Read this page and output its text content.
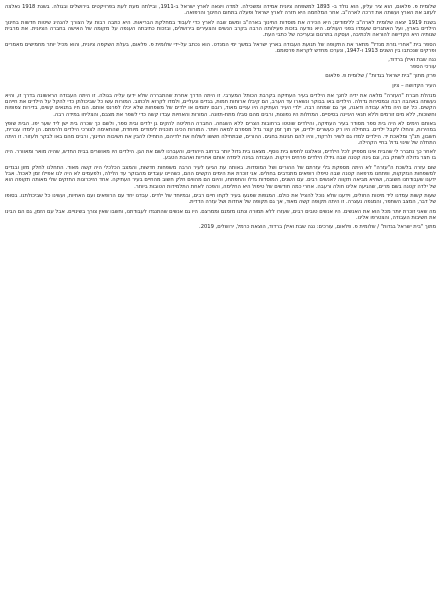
שלומית פ. פלאום, הוא ציר עליון, הוא נולד ב- 1893 למשפחה ציונית אמידה ומשכילה. למדה ויצאה לארץ ישראל ב-1911, ובילתה מעת לעת בפרויקטים בירושלים ובגולה. בשנת 1918 נאלצה לעזוב את הארץ ועשתה את דרכה לארה"ב. אחר המלחמה היא חזרה לארץ ישראל ופעלה בתחום החינוך והרפואה.

בשנת 1919 יצאה שלומית לארה"ב ללימודים; היא הכירה את מוסדות החינוך בארה"ב ומשם שבה לארץ כדי לעבוד במחלקת הבריאות. היא כתבה רבות על הצורך להנהיג שיטות חדשות בחינוך הילדים בארץ, ועל האתגרים שעמדו בפני העולים. היא נודעה בזכות פעילותה הרבה בקרב הנשים והצעירים בירושלים, ובזכות כתיבתה הענפה על מקומה של האישה בחברה הציונית. את מרבית שנותיה היא הקדישה להוראה ולכתיבה, ועסקה בתרגום ובעריכה של כתבי העת.

הספר בית "אחרי גזרת מנדל" מתאר את התקופה של תנועת העבודה בארץ ישראל במשך ימי המנדט. הוא נכתב על-ידי שלומית פ. פלאום, בעלת השקפה ציונית, והוא מכיל יותר מחמישים מאמרים ופרקים שנכתבו בין השנים 1913 ו-1947, ונערכו מחדש לקראת פרסומם.

נגה שבת ואילן ברדוד,

עורכי הספר

פרק מתוך "בית ישראל בגדות" / שלומית פ. פלאום

העיר הקדושה – ציון

מנהלת חברת "העזרה" מלאה את ידיה לחנך את הילדים בעיר העתיקה בקרבת הכותל המערבי. זו היתה הדרך אחרת שהתבררה שלא ידעו עליה בגולה. זו היתה העבודה הראשונה בדרך זו, והיא נעשתה באהבה רבה ובמסירות גדולה. הילדים באו בבוקר ונשארו עד הערב, הם קיבלו ארוחות חמות, בגדים ונעליים, ולמדו לקרוא ולכתוב. המורות עשו כל שביכולתן כדי להקל על הילדים את חייהם הקשים. כל יום היה מלא עבודה ודאגה, אך גם שמחה רבה. ילדי העיר העתיקה היו עניים מאוד, רובם יתומים או ילדים של משפחות שלא יכלו לפרנס אותם. הם חיו בתנאים קשים, בדירות צפופות וחשוכות, ללא מים זורמים וללא תנאי היגיינה בסיסיים. המחלות היו נפוצות, ורבים מהם סבלו מתת-תזונה. המורות והאחיות עבדו קשה כדי לשפר את מצבם, והצליחו במידה רבה.

באותם הימים לא היה בית ספר מסודר בעיר העתיקה, והילדים שוטטו ברחובות הצרים ללא השגחה. החברה החליטה להקים גן ילדים ובית ספר, ולשם כך שכרה בית ישן ליד שער יפו. הבית שופץ במהירות, והחלו לקבל ילדים. בתחילה היו רק כעשרים ילדים, אך תוך זמן קצר גדל מספרם למאה ויותר. המורות הכינו תוכנית לימודים מיוחדת, שהתאימה לצורכי הילדים ולרמתם. הן לימדו עברית, חשבון, תנ"ך ומלאכת יד. הילדים למדו גם לשיר ולרקוד, והיו להם חגיגות בחגים. ההורים, שבתחילה חששו לשלוח את ילדיהם, התחילו להבין את חשיבות החינוך, ורבים מהם באו לבקר ולעזור. זו היתה התחלה של שינוי גדול בחיי הקהילה.

לאחר כך נתברר לי שהבית אינו מספיק לכל הילדים, ונאלצנו לחפש בית נוסף. מצאנו בית גדול יותר ברחוב היהודים, והעברנו לשם את הגן. הילדים היו מאושרים בבית החדש, שהיה מואר ומאוורר. היה בו חצר גדולה לשחק בה, וגם גינה קטנה שבה גידלו הילדים פרחים וירקות. העבודה בגינה לימדה אותם אחריות ואהבת הטבע.

שום עזרה בלשכת ה"עזרה" לא היתה מספקת בלי עזרתם של ההורים ושל המוסדות. באותה עת הגיעו לעיר הרבה משפחות חדשות, והמצב הכלכלי היה קשה מאוד. התחלנו לחלק מזון ובגדים למשפחות הנזקקות, ופתחנו מרפאה קטנה שבה טיפלו רופאים מתנדבים בחולים. אני זוכרת את הימים הקשים ההם, כשהיינו עובדים מהבוקר עד הלילה, ולפעמים לא היה לנו אפילו זמן לאכול. אבל ידענו שעבודתנו חשובה, ושהיא מביאה תקווה לאנשים רבים. עם השנים, המוסדות גדלו והתפתחו, והיום הם מהווים חלק חשוב מהחיים בעיר העתיקה. אחד הזיכרונות החזקים שלי מאותה תקופה הוא של ילדה קטנה בשם מרים, שהגיעה אלינו חולה ורעבה. אחרי כמה חודשים של טיפול היא החלימה, והפכה לאחת התלמידות הטובות ביותר.

שעות קשות עמדנו ליד מיטות החולים, וידענו שלא נוכל להציל את כולם. המגפות שפגעו בעיר לקחו חיים רבים, ובמיוחד של ילדים. עבדנו יחד עם הרופאים ועם האחיות, ועשינו כל שביכולתנו. בסופו של דבר, המצב השתפר, והמגפה נעצרה. זו היתה תקופה קשה מאוד, אך גם תקופה של אחדות ושל עזרה הדדית.

מה שאני זוכרת יותר מכל הוא את האנשים. היו אנשים טובים רבים, שעזרו ללא תמורה ונתנו מזמנם וממרצם. היו גם אנשים שהתנגדו לעבודתנו, וחשבו שאין צורך בשינויים. אבל עם הזמן, גם הם הבינו את חשיבות העבודה, והצטרפו אלינו.

מתוך "בית ישראל בגדות" / שלומית פ. פלאום, עורכים: נגה שבת ואילן ברדוד, הוצאת כרמל, ירושלים, 2019.
